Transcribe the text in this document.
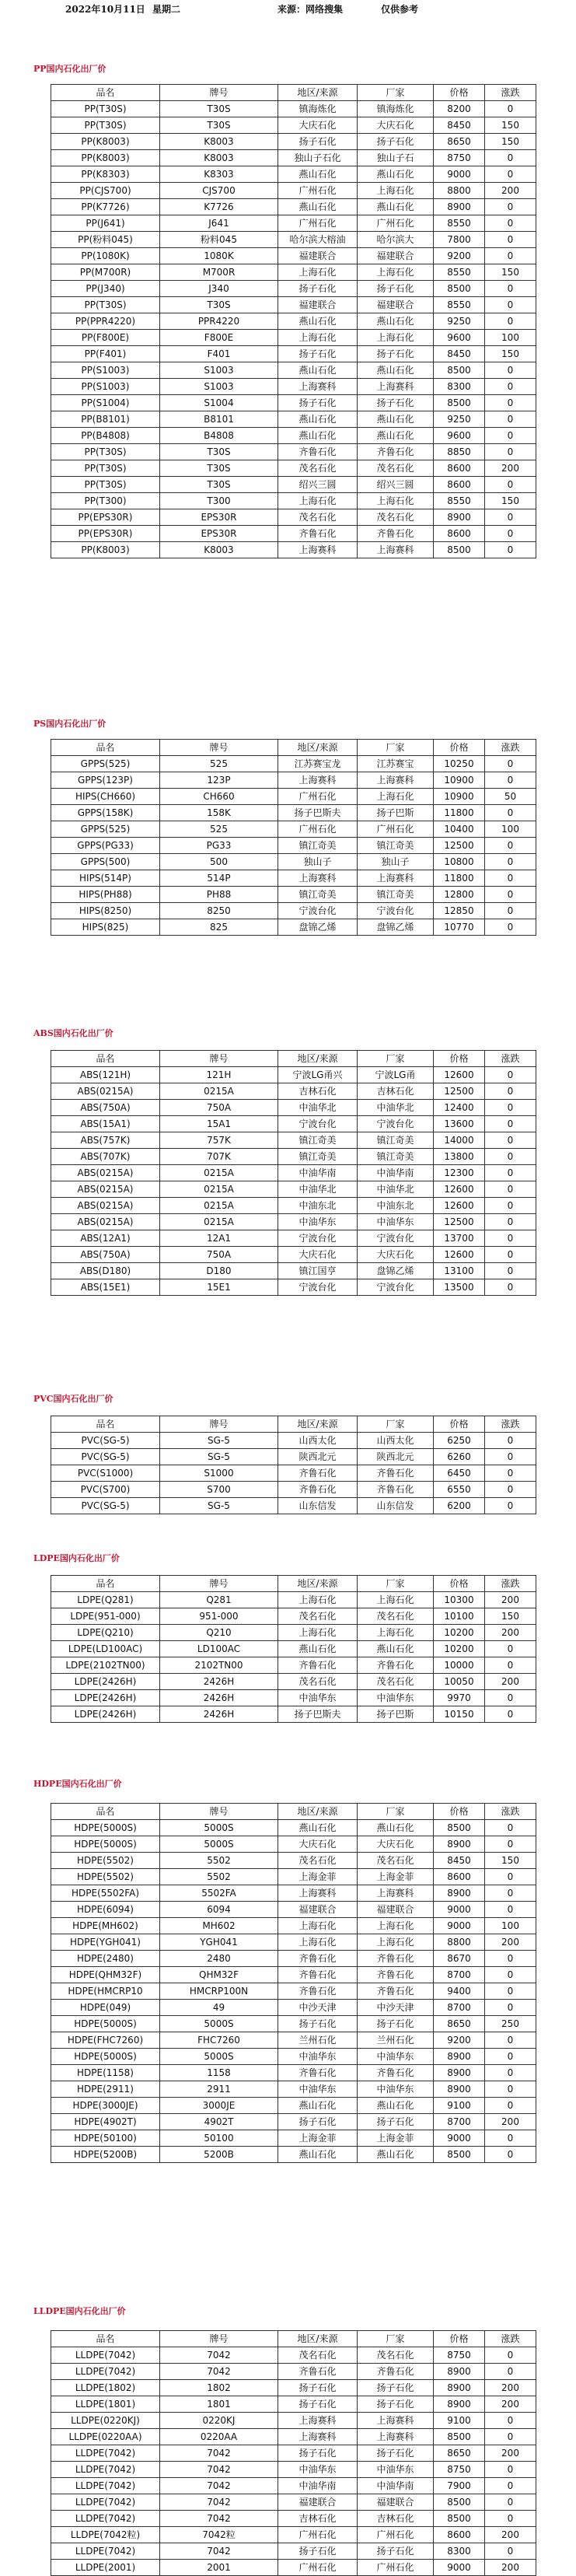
2022年10月11日 星期二	来源：网络搜集	仅供参考
PP国内石化出厂价
品名	牌号	地区/来源	厂家	价格	涨跌
PP(T30S)	T30S	镇海炼化	镇海炼化	8200	0
PP(T30S)	T30S	大庆石化	大庆石化	8450	150
PP(K8003)	K8003	扬子石化	扬子石化	8650	150
PP(K8003)	K8003	独山子石化	独山子石	8750	0
PP(K8303)	K8303	燕山石化	燕山石化	9000	0
PP(CJS700)	CJS700	广州石化	上海石化	8800	200
PP(K7726)	K7726	燕山石化	燕山石化	8900	0
PP(J641)	J641	广州石化	广州石化	8550	0
PP(粉料045)	粉料045	哈尔滨大榕油	哈尔滨大	7800	0
PP(1080K)	1080K	福建联合	福建联合	9200	0
PP(M700R)	M700R	上海石化	上海石化	8550	150
PP(J340)	J340	扬子石化	扬子石化	8500	0
PP(T30S)	T30S	福建联合	福建联合	8550	0
PP(PPR4220)	PPR4220	燕山石化	燕山石化	9250	0
PP(F800E)	F800E	上海石化	上海石化	9600	100
PP(F401)	F401	扬子石化	扬子石化	8450	150
PP(S1003)	S1003	燕山石化	燕山石化	8500	0
PP(S1003)	S1003	上海赛科	上海赛科	8300	0
PP(S1004)	S1004	扬子石化	扬子石化	8500	0
PP(B8101)	B8101	燕山石化	燕山石化	9250	0
PP(B4808)	B4808	燕山石化	燕山石化	9600	0
PP(T30S)	T30S	齐鲁石化	齐鲁石化	8850	0
PP(T30S)	T30S	茂名石化	茂名石化	8600	200
PP(T30S)	T30S	绍兴三圆	绍兴三圆	8600	0
PP(T300)	T300	上海石化	上海石化	8550	150
PP(EPS30R)	EPS30R	茂名石化	茂名石化	8900	0
PP(EPS30R)	EPS30R	齐鲁石化	齐鲁石化	8600	0
PP(K8003)	K8003	上海赛科	上海赛科	8500	0
PS国内石化出厂价
品名	牌号	地区/来源	厂家	价格	涨跌
GPPS(525)	525	江苏赛宝龙	江苏赛宝	10250	0
GPPS(123P)	123P	上海赛科	上海赛科	10900	0
HIPS(CH660)	CH660	广州石化	上海石化	10900	50
GPPS(158K)	158K	扬子巴斯夫	扬子巴斯	11800	0
GPPS(525)	525	广州石化	广州石化	10400	100
GPPS(PG33)	PG33	镇江奇美	镇江奇美	12500	0
GPPS(500)	500	独山子	独山子	10800	0
HIPS(514P)	514P	上海赛科	上海赛科	11800	0
HIPS(PH88)	PH88	镇江奇美	镇江奇美	12800	0
HIPS(8250)	8250	宁波台化	宁波台化	12850	0
HIPS(825)	825	盘锦乙烯	盘锦乙烯	10770	0
ABS国内石化出厂价
品名	牌号	地区/来源	厂家	价格	涨跌
ABS(121H)	121H	宁波LG甬兴	宁波LG甬	12600	0
ABS(0215A)	0215A	吉林石化	吉林石化	12500	0
ABS(750A)	750A	中油华北	中油华北	12400	0
ABS(15A1)	15A1	宁波台化	宁波台化	13600	0
ABS(757K)	757K	镇江奇美	镇江奇美	14000	0
ABS(707K)	707K	镇江奇美	镇江奇美	13800	0
ABS(0215A)	0215A	中油华南	中油华南	12300	0
ABS(0215A)	0215A	中油华北	中油华北	12600	0
ABS(0215A)	0215A	中油东北	中油东北	12600	0
ABS(0215A)	0215A	中油华东	中油华东	12500	0
ABS(12A1)	12A1	宁波台化	宁波台化	13700	0
ABS(750A)	750A	大庆石化	大庆石化	12600	0
ABS(D180)	D180	镇江国亨	盘锦乙烯	13100	0
ABS(15E1)	15E1	宁波台化	宁波台化	13500	0
PVC国内石化出厂价
品名	牌号	地区/来源	厂家	价格	涨跌
PVC(SG-5)	SG-5	山西太化	山西太化	6250	0
PVC(SG-5)	SG-5	陕西北元	陕西北元	6260	0
PVC(S1000)	S1000	齐鲁石化	齐鲁石化	6450	0
PVC(S700)	S700	齐鲁石化	齐鲁石化	6550	0
PVC(SG-5)	SG-5	山东信发	山东信发	6200	0
LDPE国内石化出厂价
品名	牌号	地区/来源	厂家	价格	涨跌
LDPE(Q281)	Q281	上海石化	上海石化	10300	200
LDPE(951-000)	951-000	茂名石化	茂名石化	10100	150
LDPE(Q210)	Q210	上海石化	上海石化	10200	200
LDPE(LD100AC)	LD100AC	燕山石化	燕山石化	10200	0
LDPE(2102TN00)	2102TN00	齐鲁石化	齐鲁石化	10000	0
LDPE(2426H)	2426H	茂名石化	茂名石化	10050	200
LDPE(2426H)	2426H	中油华东	中油华东	9970	0
LDPE(2426H)	2426H	扬子巴斯夫	扬子巴斯	10150	0
HDPE国内石化出厂价
品名	牌号	地区/来源	厂家	价格	涨跌
HDPE(5000S)	5000S	燕山石化	燕山石化	8500	0
HDPE(5000S)	5000S	大庆石化	大庆石化	8900	0
HDPE(5502)	5502	茂名石化	茂名石化	8450	150
HDPE(5502)	5502	上海金菲	上海金菲	8600	0
HDPE(5502FA)	5502FA	上海赛科	上海赛科	8900	0
HDPE(6094)	6094	福建联合	福建联合	9000	0
HDPE(MH602)	MH602	上海石化	上海石化	9000	100
HDPE(YGH041)	YGH041	上海石化	上海石化	8800	200
HDPE(2480)	2480	齐鲁石化	齐鲁石化	8670	0
HDPE(QHM32F)	QHM32F	齐鲁石化	齐鲁石化	8700	0
HDPE(HMCRP10	HMCRP100N	齐鲁石化	齐鲁石化	9400	0
HDPE(049)	49	中沙天津	中沙天津	8700	0
HDPE(5000S)	5000S	扬子石化	扬子石化	8650	250
HDPE(FHC7260)	FHC7260	兰州石化	兰州石化	9200	0
HDPE(5000S)	5000S	中油华东	中油华东	8900	0
HDPE(1158)	1158	齐鲁石化	齐鲁石化	8900	0
HDPE(2911)	2911	中油华东	中油华东	8900	0
HDPE(3000JE)	3000JE	燕山石化	燕山石化	9100	0
HDPE(4902T)	4902T	扬子石化	扬子石化	8700	200
HDPE(50100)	50100	上海金菲	上海金菲	9000	0
HDPE(5200B)	5200B	燕山石化	燕山石化	8500	0
LLDPE国内石化出厂价
品名	牌号	地区/来源	厂家	价格	涨跌
LLDPE(7042)	7042	茂名石化	茂名石化	8750	0
LLDPE(7042)	7042	齐鲁石化	齐鲁石化	8900	0
LLDPE(1802)	1802	扬子石化	扬子石化	8900	200
LLDPE(1801)	1801	扬子石化	扬子石化	8900	200
LLDPE(0220KJ)	0220KJ	上海赛科	上海赛科	9100	0
LLDPE(0220AA)	0220AA	上海赛科	上海赛科	8500	0
LLDPE(7042)	7042	扬子石化	扬子石化	8650	200
LLDPE(7042)	7042	中油华东	中油华东	8750	0
LLDPE(7042)	7042	中油华南	中油华南	7900	0
LLDPE(7042)	7042	福建联合	福建联合	8500	0
LLDPE(7042)	7042	吉林石化	吉林石化	8500	0
LLDPE(7042粒)	7042粒	广州石化	广州石化	8600	200
LLDPE(7042)	7042	扬子石化	扬子石化	8300	0
LLDPE(2001)	2001	广州石化	广州石化	9000	200
